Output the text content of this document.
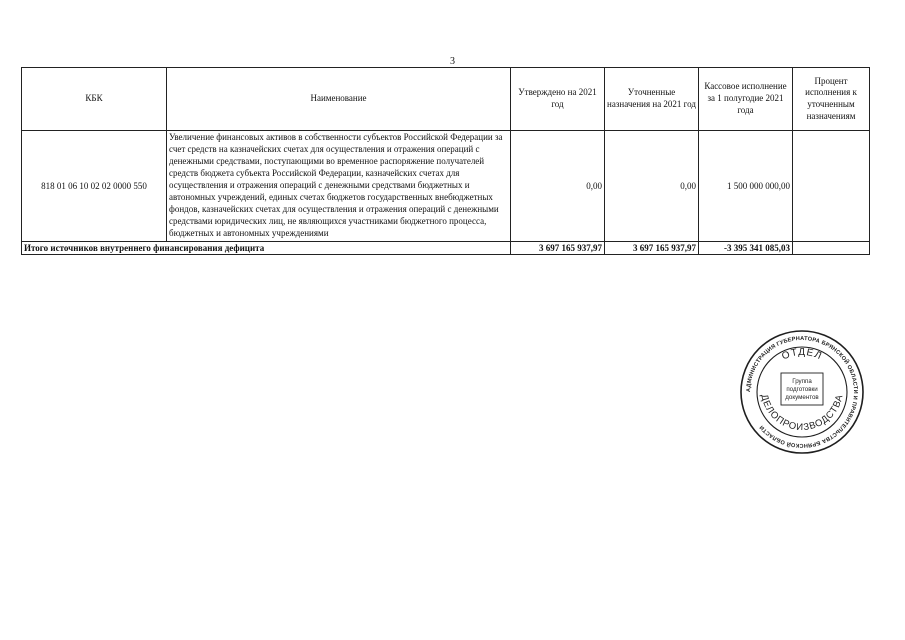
3
КБК	Наименование	Утверждено на 2021 год	Уточненные назначения на 2021 год	Кассовое исполнение за 1 полугодие 2021 года	Процент исполнения к уточненным назначениям
818 01 06 10 02 02 0000 550	Увеличение финансовых активов в собственности субъектов Российской Федерации за счет средств на казначейских счетах для осуществления и отражения операций с денежными средствами, поступающими во временное распоряжение получателей средств бюджета субъекта Российской Федерации, казначейских счетах для осуществления и отражения операций с денежными средствами бюджетных и автономных учреждений, единых счетах бюджетов государственных внебюджетных фондов, казначейских счетах для осуществления и отражения операций с денежными средствами юридических лиц, не являющихся участниками бюджетного процесса, бюджетных и автономных учреждениями	0,00	0,00	1 500 000 000,00	
Итого источников внутреннего финансирования дефицита		3 697 165 937,97	3 697 165 937,97	-3 395 341 085,03	
АДМИНИСТРАЦИЯ ГУБЕРНАТОРА БРЯНСКОЙ ОБЛАСТИ И ПРАВИТЕЛЬСТВА БРЯНСКОЙ ОБЛАСТИ
ОТДЕЛ
ДЕЛОПРОИЗВОДСТВА
Группа
подготовки
документов
